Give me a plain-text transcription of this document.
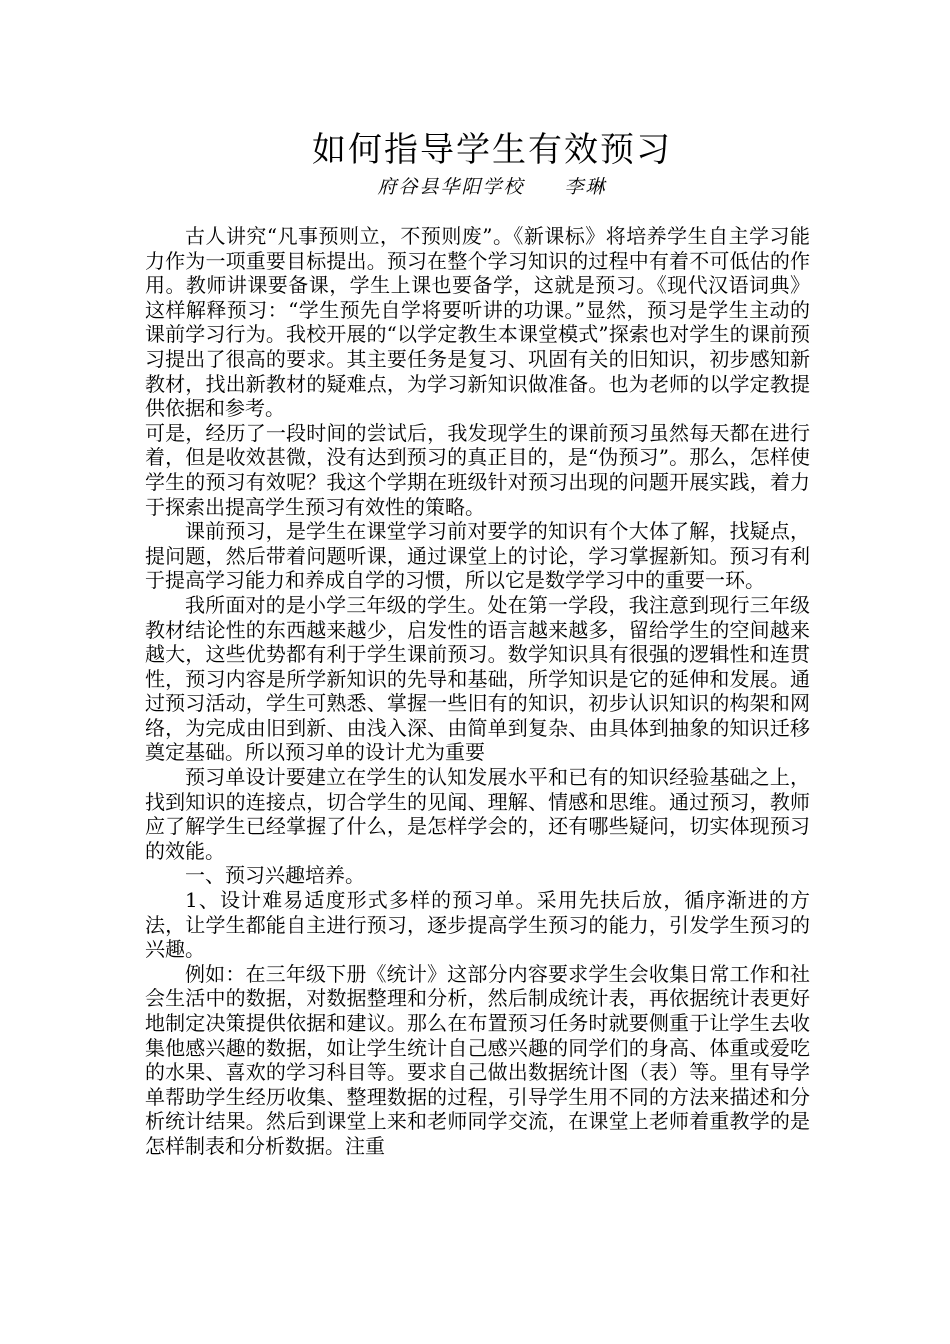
如何指导学生有效预习
府谷县华阳学校 李琳

古人讲究“凡事预则立，不预则废”。《新课标》将培养学生自主学习能力作为一项重要目标提出。预习在整个学习知识的过程中有着不可低估的作用。教师讲课要备课，学生上课也要备学，这就是预习。《现代汉语词典》这样解释预习：“学生预先自学将要听讲的功课。”显然，预习是学生主动的课前学习行为。我校开展的“以学定教生本课堂模式”探索也对学生的课前预习提出了很高的要求。其主要任务是复习、巩固有关的旧知识，初步感知新教材，找出新教材的疑难点，为学习新知识做准备。也为老师的以学定教提供依据和参考。

可是，经历了一段时间的尝试后，我发现学生的课前预习虽然每天都在进行着，但是收效甚微，没有达到预习的真正目的，是“伪预习”。那么，怎样使学生的预习有效呢？我这个学期在班级针对预习出现的问题开展实践，着力于探索出提高学生预习有效性的策略。

课前预习，是学生在课堂学习前对要学的知识有个大体了解，找疑点，提问题，然后带着问题听课，通过课堂上的讨论，学习掌握新知。预习有利于提高学习能力和养成自学的习惯，所以它是数学学习中的重要一环。

我所面对的是小学三年级的学生。处在第一学段，我注意到现行三年级教材结论性的东西越来越少，启发性的语言越来越多，留给学生的空间越来越大，这些优势都有利于学生课前预习。数学知识具有很强的逻辑性和连贯性，预习内容是所学新知识的先导和基础，所学知识是它的延伸和发展。通过预习活动，学生可熟悉、掌握一些旧有的知识，初步认识知识的构架和网络，为完成由旧到新、由浅入深、由简单到复杂、由具体到抽象的知识迁移奠定基础。所以预习单的设计尤为重要

预习单设计要建立在学生的认知发展水平和已有的知识经验基础之上，找到知识的连接点，切合学生的见闻、理解、情感和思维。通过预习，教师应了解学生已经掌握了什么，是怎样学会的，还有哪些疑问，切实体现预习的效能。

一、预习兴趣培养。

1、设计难易适度形式多样的预习单。采用先扶后放，循序渐进的方法，让学生都能自主进行预习，逐步提高学生预习的能力，引发学生预习的兴趣。

例如：在三年级下册《统计》这部分内容要求学生会收集日常工作和社会生活中的数据，对数据整理和分析，然后制成统计表，再依据统计表更好地制定决策提供依据和建议。那么在布置预习任务时就要侧重于让学生去收集他感兴趣的数据，如让学生统计自己感兴趣的同学们的身高、体重或爱吃的水果、喜欢的学习科目等。要求自己做出数据统计图（表）等。里有导学单帮助学生经历收集、整理数据的过程，引导学生用不同的方法来描述和分析统计结果。然后到课堂上来和老师同学交流，在课堂上老师着重教学的是怎样制表和分析数据。注重
